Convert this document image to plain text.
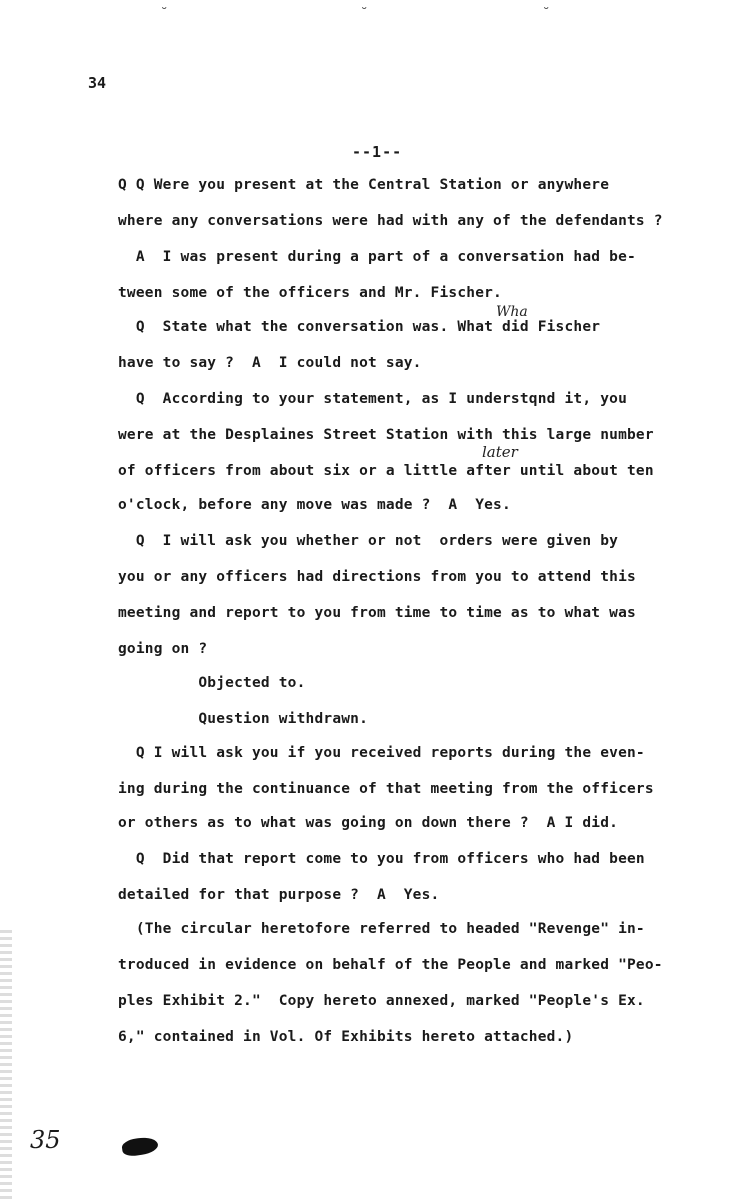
˘	˘	˘
34
--1--
Q Q Were you present at the Central Station or anywhere
where any conversations were had with any of the defendants ?
A  I was present during a part of a conversation had be-
tween some of the officers and Mr. Fischer.
Q  State what the conversation was. What did Fischer
have to say ?  A  I could not say.
Q  According to your statement, as I understqnd it, you
were at the Desplaines Street Station with this large number
of officers from about six or a little after until about ten
o'clock, before any move was made ?  A  Yes.
Q  I will ask you whether or not  orders were given by
you or any officers had directions from you to attend this
meeting and report to you from time to time as to what was
going on ?
Objected to.
Question withdrawn.
Q I will ask you if you received reports during the even-
ing during the continuance of that meeting from the officers
or others as to what was going on down there ?  A I did.
Q  Did that report come to you from officers who had been
detailed for that purpose ?  A  Yes.
(The circular heretofore referred to headed "Revenge" in-
troduced in evidence on behalf of the People and marked "Peo-
ples Exhibit 2."  Copy hereto annexed, marked "People's Ex.
6," contained in Vol. Of Exhibits hereto attached.)
Wha
later
35
